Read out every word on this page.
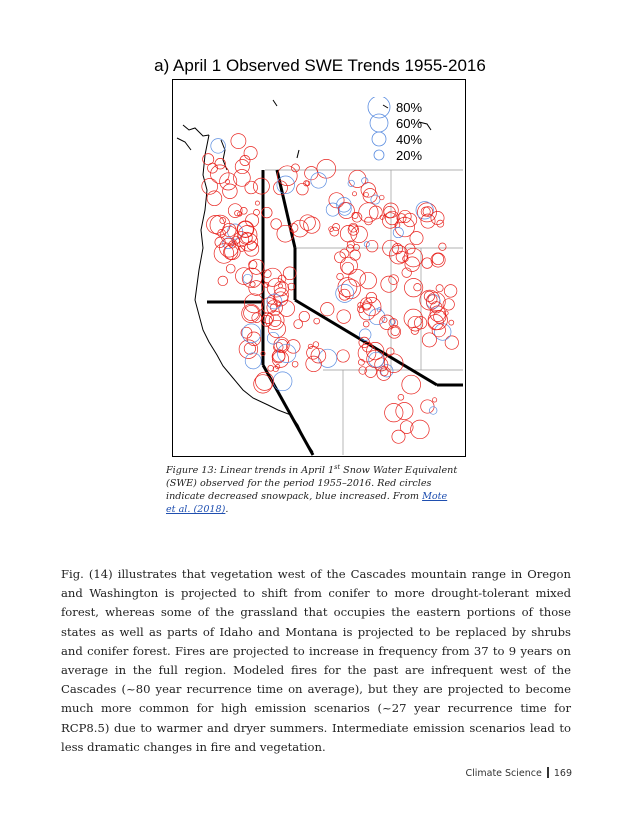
a) April 1 Observed SWE Trends 1955-2016
80%
60%
40%
20%
Figure 13: Linear trends in April 1st Snow Water Equivalent (SWE) observed for the period 1955–2016. Red circles indicate decreased snowpack, blue increased. From Mote et al. (2018).
Fig. (14) illustrates that vegetation west of the Cascades mountain range in Oregon and Washington is projected to shift from conifer to more drought-tolerant mixed forest, whereas some of the grassland that occupies the eastern portions of those states as well as parts of Idaho and Montana is projected to be replaced by shrubs and conifer forest. Fires are projected to increase in frequency from 37 to 9 years on average in the full region. Modeled fires for the past are infrequent west of the Cascades (~80 year recurrence time on average), but they are projected to become much more common for high emission scenarios (~27 year recurrence time for RCP8.5) due to warmer and dryer summers. Intermediate emission scenarios lead to less dramatic changes in fire and vegetation.
Climate Science 169
